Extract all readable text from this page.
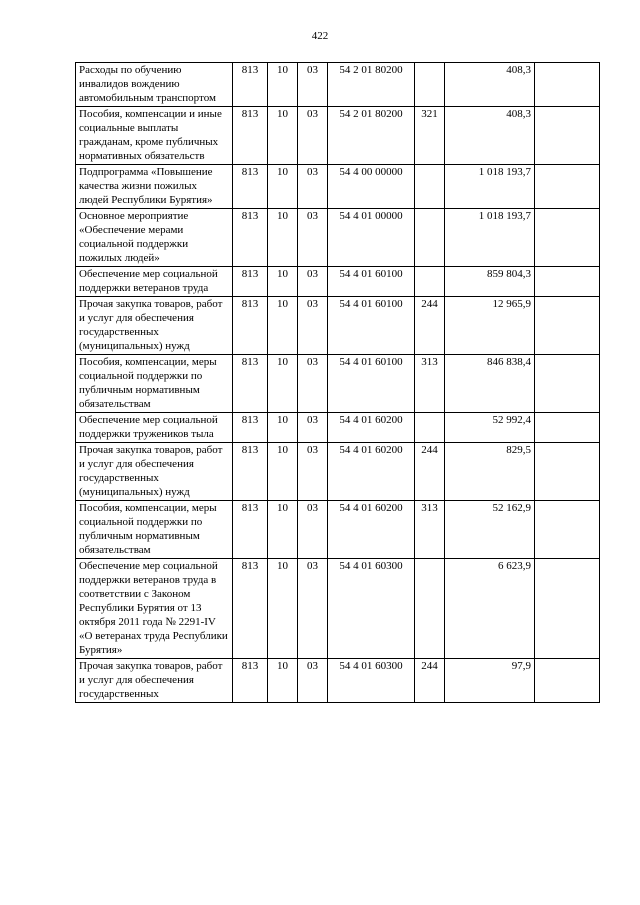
422
Расходы по обучению инвалидов вождению автомобильным транспортом	813	10	03	54 2 01 80200		408,3	
Пособия, компенсации и иные социальные выплаты гражданам, кроме публичных нормативных обязательств	813	10	03	54 2 01 80200	321	408,3	
Подпрограмма «Повышение качества жизни пожилых людей Республики Бурятия»	813	10	03	54 4 00 00000		1 018 193,7	
Основное мероприятие «Обеспечение мерами социальной поддержки пожилых людей»	813	10	03	54 4 01 00000		1 018 193,7	
Обеспечение мер социальной поддержки ветеранов труда	813	10	03	54 4 01 60100		859 804,3	
Прочая закупка товаров, работ и услуг для обеспечения государственных (муниципальных) нужд	813	10	03	54 4 01 60100	244	12 965,9	
Пособия, компенсации, меры социальной поддержки по публичным нормативным обязательствам	813	10	03	54 4 01 60100	313	846 838,4	
Обеспечение мер социальной поддержки тружеников тыла	813	10	03	54 4 01 60200		52 992,4	
Прочая закупка товаров, работ и услуг для обеспечения государственных (муниципальных) нужд	813	10	03	54 4 01 60200	244	829,5	
Пособия, компенсации, меры социальной поддержки по публичным нормативным обязательствам	813	10	03	54 4 01 60200	313	52 162,9	
Обеспечение мер социальной поддержки ветеранов труда в соответствии с Законом Республики Бурятия от 13 октября 2011 года № 2291-IV «О ветеранах труда Республики Бурятия»	813	10	03	54 4 01 60300		6 623,9	
Прочая закупка товаров, работ и услуг для обеспечения государственных	813	10	03	54 4 01 60300	244	97,9	
